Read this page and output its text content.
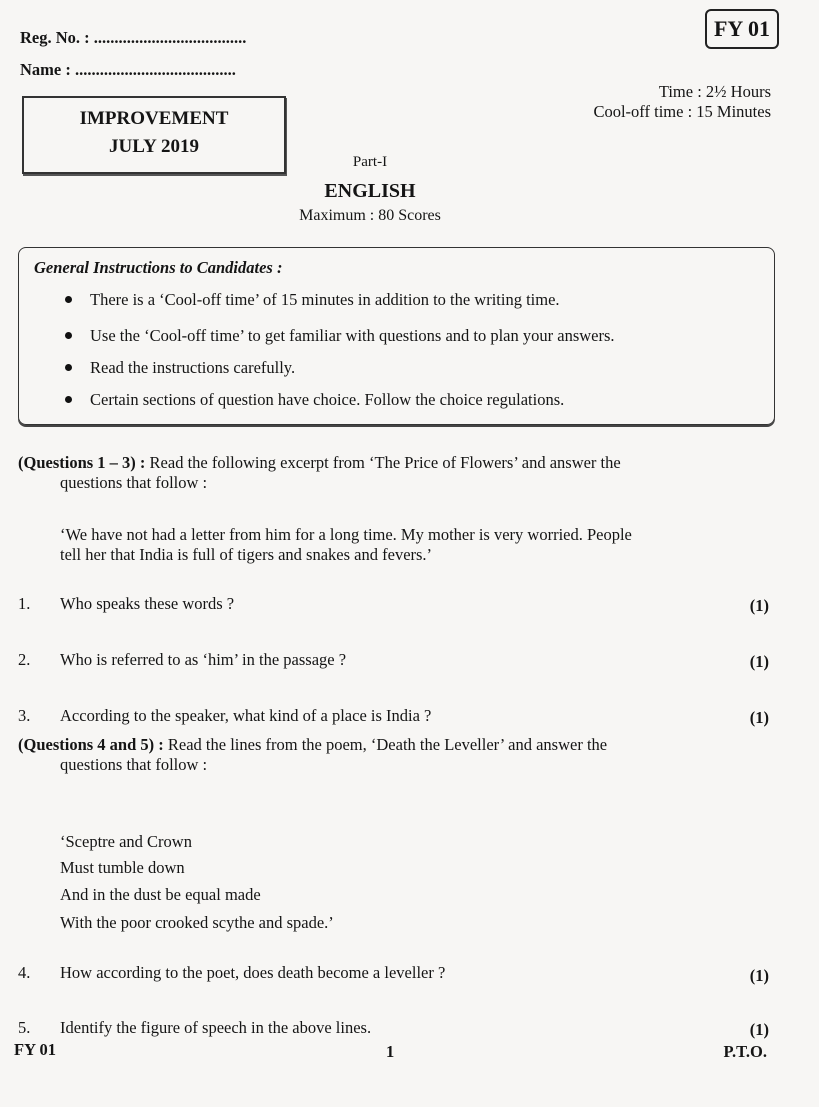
Reg. No. : .....................................
Name : .......................................
FY 01
Time : 2½ Hours
Cool-off time : 15 Minutes
IMPROVEMENT
JULY 2019
Part-I
ENGLISH
Maximum : 80 Scores
General Instructions to Candidates :
There is a ‘Cool-off time’ of 15 minutes in addition to the writing time.
Use the ‘Cool-off time’ to get familiar with questions and to plan your answers.
Read the instructions carefully.
Certain sections of question have choice. Follow the choice regulations.
(Questions 1 – 3) : Read the following excerpt from ‘The Price of Flowers’ and answer the
questions that follow :
‘We have not had a letter from him for a long time. My mother is very worried. People
tell her that India is full of tigers and snakes and fevers.’
1. Who speaks these words ?	(1)
2. Who is referred to as ‘him’ in the passage ?	(1)
3. According to the speaker, what kind of a place is India ?	(1)
(Questions 4 and 5) : Read the lines from the poem, ‘Death the Leveller’ and answer the
questions that follow :
‘Sceptre and Crown
Must tumble down
And in the dust be equal made
With the poor crooked scythe and spade.’
4. How according to the poet, does death become a leveller ?	(1)
5. Identify the figure of speech in the above lines.	(1)
FY 01	1	P.T.O.
